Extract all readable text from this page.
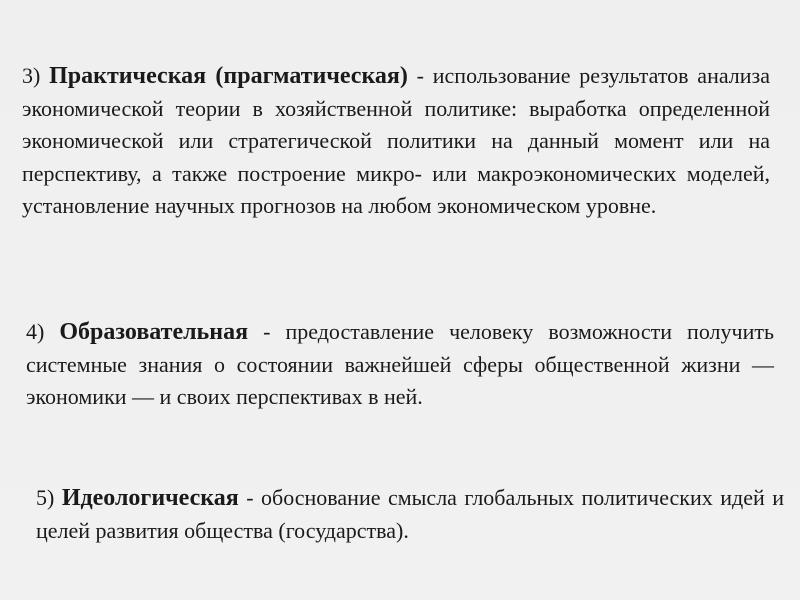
3) Практическая (прагматическая) - использование результатов анализа экономической теории в хозяйственной политике: выработка определенной экономической или стратегической политики на данный момент или на перспективу, а также построение микро- или макроэкономических моделей, установление научных прогнозов на любом экономическом уровне.

4) Образовательная - предоставление человеку возможности получить системные знания о состоянии важнейшей сферы общественной жизни — экономики — и своих перспективах в ней.

5) Идеологическая - обоснование смысла глобальных политических идей и целей развития общества (государства).
